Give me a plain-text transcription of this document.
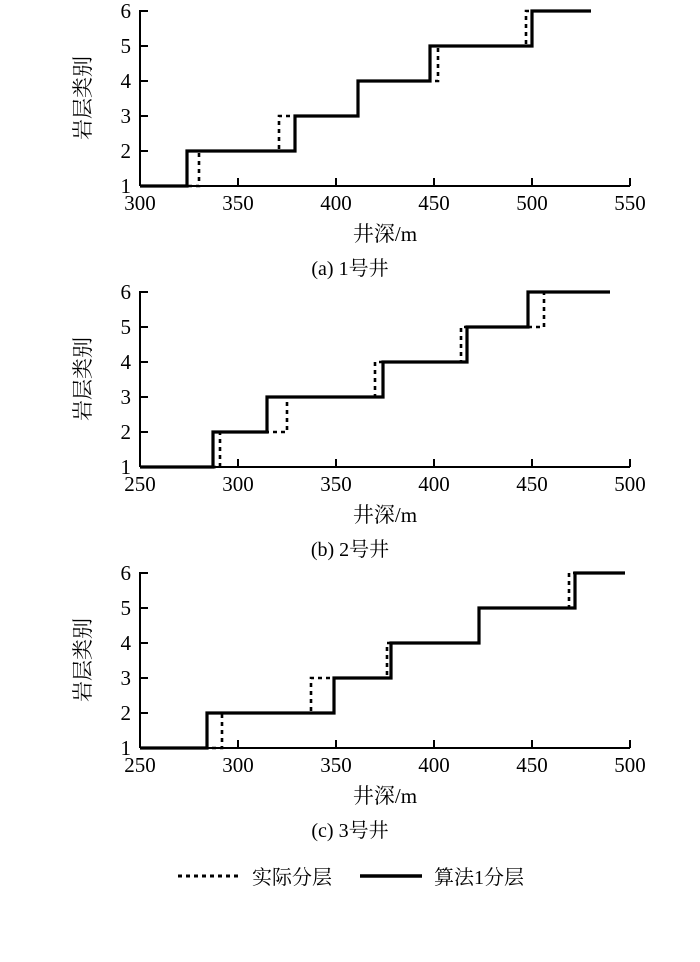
1
2
3
4
5
6
300	350	400	450	500	550
井深/m
岩层类别
(a) 1号井
1
2
3
4
5
6
250	300	350	400	450	500
井深/m
岩层类别
(b) 2号井
1
2
3
4
5
6
250	300	350	400	450	500
井深/m
岩层类别
(c) 3号井
实际分层	算法1分层
